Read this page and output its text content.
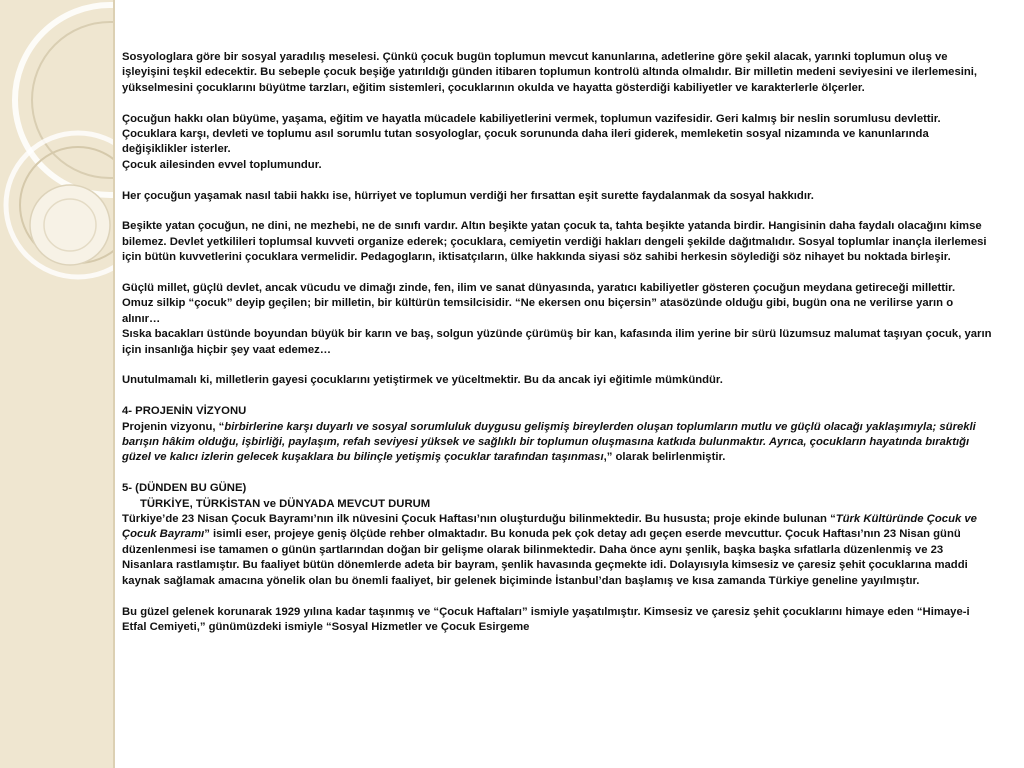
Sosyologlara göre bir sosyal yaradılış meselesi. Çünkü çocuk bugün toplumun mevcut kanunlarına, adetlerine göre şekil alacak, yarınki toplumun oluş ve işleyişini teşkil edecektir. Bu sebeple çocuk beşiğe yatırıldığı günden itibaren toplumun kontrolü altında olmalıdır. Bir milletin medeni seviyesini ve ilerlemesini, yükselmesini çocuklarını büyütme tarzları, eğitim sistemleri, çocuklarının okulda ve hayatta gösterdiği kabiliyetler ve karakterlerle ölçerler.

Çocuğun hakkı olan büyüme, yaşama, eğitim ve hayatla mücadele kabiliyetlerini vermek, toplumun vazifesidir. Geri kalmış bir neslin sorumlusu devlettir.

Çocuklara karşı, devleti ve toplumu asıl sorumlu tutan sosyologlar, çocuk sorununda daha ileri giderek, memleketin sosyal nizamında ve kanunlarında değişiklikler isterler.

Çocuk ailesinden evvel toplumundur.

Her çocuğun yaşamak nasıl tabii hakkı ise, hürriyet ve toplumun verdiği her fırsattan eşit surette faydalanmak da sosyal hakkıdır.

Beşikte yatan çocuğun, ne dini, ne mezhebi, ne de sınıfı vardır. Altın beşikte yatan çocuk ta, tahta beşikte yatanda birdir. Hangisinin daha faydalı olacağını kimse bilemez. Devlet yetkilileri toplumsal kuvveti organize ederek; çocuklara, cemiyetin verdiği hakları dengeli şekilde dağıtmalıdır. Sosyal toplumlar inançla ilerlemesi için bütün kuvvetlerini çocuklara vermelidir. Pedagogların, iktisatçıların, ülke hakkında siyasi söz sahibi herkesin söylediği söz nihayet bu noktada birleşir.

Güçlü millet, güçlü devlet, ancak vücudu ve dimağı zinde, fen, ilim ve sanat dünyasında, yaratıcı kabiliyetler gösteren çocuğun meydana getireceği millettir.

Omuz silkip “çocuk” deyip geçilen; bir milletin, bir kültürün temsilcisidir. “Ne ekersen onu biçersin” atasözünde olduğu gibi, bugün ona ne verilirse yarın o alınır…

Sıska bacakları üstünde boyundan büyük bir karın ve baş, solgun yüzünde çürümüş bir kan, kafasında ilim yerine bir sürü lüzumsuz malumat taşıyan çocuk, yarın için insanlığa hiçbir şey vaat edemez…

Unutulmamalı ki, milletlerin gayesi çocuklarını yetiştirmek ve yüceltmektir. Bu da ancak iyi eğitimle mümkündür.

4- PROJENİN VİZYONU

Projenin vizyonu, “birbirlerine karşı duyarlı ve sosyal sorumluluk duygusu gelişmiş bireylerden oluşan toplumların mutlu ve güçlü olacağı yaklaşımıyla; sürekli barışın hâkim olduğu, işbirliği, paylaşım, refah seviyesi yüksek ve sağlıklı bir toplumun oluşmasına katkıda bulunmaktır. Ayrıca, çocukların hayatında bıraktığı güzel ve kalıcı izlerin gelecek kuşaklara bu bilinçle yetişmiş çocuklar tarafından taşınması,” olarak belirlenmiştir.

5- (DÜNDEN BU GÜNE)

TÜRKİYE, TÜRKİSTAN ve DÜNYADA MEVCUT DURUM

Türkiye’de 23 Nisan Çocuk Bayramı’nın ilk nüvesini Çocuk Haftası’nın oluşturduğu bilinmektedir. Bu hususta; proje ekinde bulunan “Türk Kültüründe Çocuk ve Çocuk Bayramı” isimli eser, projeye geniş ölçüde rehber olmaktadır. Bu konuda pek çok detay adı geçen eserde mevcuttur. Çocuk Haftası’nın 23 Nisan günü düzenlenmesi ise tamamen o günün şartlarından doğan bir gelişme olarak bilinmektedir. Daha önce aynı şenlik, başka başka sıfatlarla düzenlenmiş ve 23 Nisanlara rastlamıştır. Bu faaliyet bütün dönemlerde adeta bir bayram, şenlik havasında geçmekte idi. Dolayısıyla kimsesiz ve çaresiz şehit çocuklarına maddi kaynak sağlamak amacına yönelik olan bu önemli faaliyet, bir gelenek biçiminde İstanbul’dan başlamış ve kısa zamanda Türkiye geneline yayılmıştır.

Bu güzel gelenek korunarak 1929 yılına kadar taşınmış ve “Çocuk Haftaları” ismiyle yaşatılmıştır. Kimsesiz ve çaresiz şehit çocuklarını himaye eden “Himaye-i Etfal Cemiyeti,” günümüzdeki ismiyle “Sosyal Hizmetler ve Çocuk Esirgeme
